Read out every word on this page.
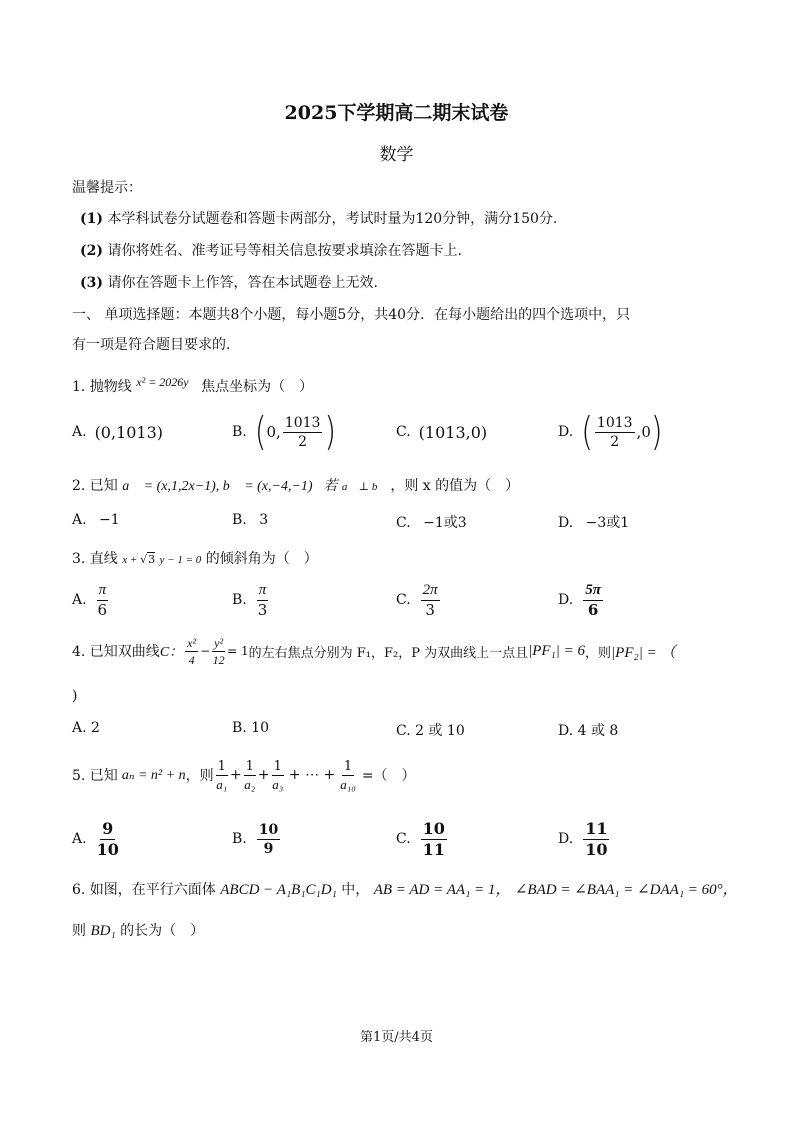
2025下学期高二期末试卷
数学
温馨提示：
(1) 本学科试卷分试题卷和答题卡两部分，考试时量为120分钟，满分150分.
(2) 请你将姓名、准考证号等相关信息按要求填涂在答题卡上.
(3) 请你在答题卡上作答，答在本试题卷上无效.
一、 单项选择题：本题共8个小题，每小题5分，共40分．在每小题给出的四个选项中，只
有一项是符合题目要求的.
1. 抛物线 x² = 2026y 焦点坐标为（　）
A. (0,1013)	B. ( 0, $\frac{1013}{2}$ )	C. (1013,0)	D. ( $\frac{1013}{2} ,0$ )
2. 已知 a⃗ = (x,1,2x−1), b⃗ = (x,−4,−1)．若 a⃗ ⊥ b⃗ ，则 x 的值为（　）
A. −1	B. 3	C. −1或3	D. −3或1
3. 直线 x + √3 y − 1 = 0 的倾斜角为（　）
A. $\frac{\pi}{6}$	B. $\frac{\pi}{3}$	C. $\frac{2\pi}{3}$	D. $\frac{5\pi}{6}$
4. 已知双曲线 C： $\frac{\text{x²}}{4} - \frac{\text{y²}}{12} = 1$ 的左右焦点分别为 F₁，F₂，P 为双曲线上一点且 |PF₁| = 6 ，则 |PF₂| = （
)
A. 2	B. 10	C. 2 或 10	D. 4 或 8
5. 已知 aₙ = n² + n ，则 $\frac{1}{\text{a₁}} + \frac{1}{\text{a₂}} + \frac{1}{\text{a₃}}$ + ⋯ + $\frac{1}{\text{a₁₀}}$ =（　）
A. $\frac{9}{10}$	B. $\frac{10}{9}$	C. $\frac{10}{11}$	D. $\frac{11}{10}$
6. 如图，在平行六面体 ABCD − A₁B₁C₁D₁ 中， AB = AD = AA₁ = 1， ∠BAD = ∠BAA₁ = ∠DAA₁ = 60°，
则 BD₁ 的长为（　）
第1页/共4页
